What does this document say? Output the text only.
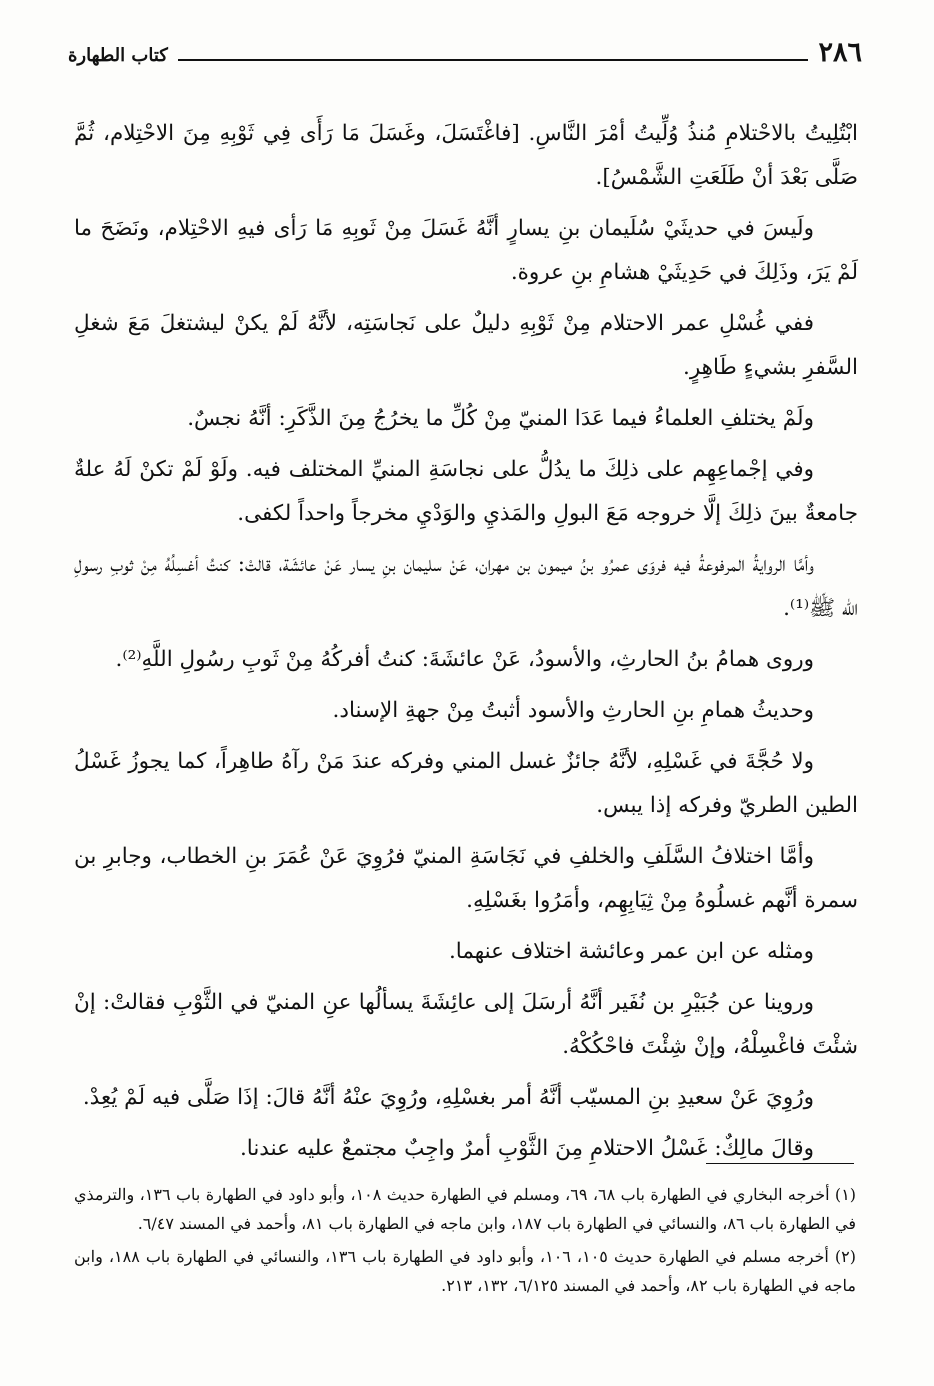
٢٨٦
كتاب الطهارة

ابْتُلِيتُ بالاحْتلامِ مُنذُ وُلِّيتُ أمْرَ النَّاسِ. [فاغْتَسَلَ، وغَسَلَ مَا رَأَى فِي ثَوْبِهِ مِنَ الاحْتِلام، ثُمَّ صَلَّى بَعْدَ أنْ طَلَعَتِ الشَّمْسُ].

ولَيسَ في حديثَيْ سُلَيمان بنِ يسارٍ أنَّهُ غَسَلَ مِنْ ثَوبِهِ مَا رَأى فيهِ الاحْتِلام، ونَضَحَ ما لَمْ يَرَ، وذَلِكَ في حَدِيثَيْ هشامِ بنِ عروة.

ففي غُسْلِ عمر الاحتلام مِنْ ثَوْبِهِ دليلٌ على نَجاسَتِه، لأنَّهُ لَمْ يكنْ ليشتغلَ مَعَ شغلِ السَّفرِ بشيءٍ طَاهِرٍ.

ولَمْ يختلفِ العلماءُ فيما عَدَا المنيّ مِنْ كُلِّ ما يخرُجُ مِنَ الذَّكَرِ: أنَّهُ نجسٌ.

وفي إجْماعِهِم على ذلِكَ ما يدُلُّ على نجاسَةِ المنيِّ المختلف فيه. ولَوْ لَمْ تكنْ لَهُ علةٌ جامعةٌ بينَ ذلِكَ إلَّا خروجه مَعَ البولِ والمَذيِ والوَدْيِ مخرجاً واحداً لكفى.

وأمَّا الروايةُ المرفوعةُ فيه فروَى عمرُو بنُ ميمون بن مهران، عَنْ سليمان بنِ يسار عَنْ عائشَة، قالتْ: كنتُ أغسِلُهُ مِنْ ثوبِ رسولِ الله ﷺ⁽¹⁾.

وروى همامُ بنُ الحارثِ، والأسودُ، عَنْ عائشَةَ: كنتُ أفركُهُ مِنْ ثَوبِ رسُولِ اللَّهِ⁽²⁾.

وحديثُ همامِ بنِ الحارثِ والأسود أثبتُ مِنْ جهةِ الإسناد.

ولا حُجَّةَ في غَسْلِهِ، لأنَّهُ جائزٌ غسل المني وفركه عندَ مَنْ رآهُ طاهِراً، كما يجوزُ غَسْلُ الطين الطريّ وفركه إذا يبس.

وأمَّا اختلافُ السَّلَفِ والخلفِ في نَجَاسَةِ المنيّ فرُوِيَ عَنْ عُمَرَ بنِ الخطاب، وجابرِ بن سمرة أنَّهم غسلُوهُ مِنْ ثِيَابِهِم، وأمَرُوا بغَسْلِهِ.

ومثله عن ابن عمر وعائشة اختلاف عنهما.

وروينا عن جُبَيْرِ بن نُفَير أنَّهُ أرسَلَ إلى عائِشَةَ يسألُها عنِ المنيّ في الثَّوْبِ فقالتْ: إنْ شئْتَ فاغْسِلْهُ، وإنْ شِئْتَ فاحْكُكْهُ.

ورُوِيَ عَنْ سعيدِ بنِ المسيّب أنَّهُ أمر بغسْلِهِ، ورُوِيَ عنْهُ أنَّهُ قالَ: إذَا صَلَّى فيه لَمْ يُعِدْ.

وقالَ مالِكٌ: غَسْلُ الاحتلامِ مِنَ الثَّوْبِ أمرٌ واجِبٌ مجتمعٌ عليه عندنا.

(١) أخرجه البخاري في الطهارة باب ٦٨، ٦٩، ومسلم في الطهارة حديث ١٠٨، وأبو داود في الطهارة باب ١٣٦، والترمذي في الطهارة باب ٨٦، والنسائي في الطهارة باب ١٨٧، وابن ماجه في الطهارة باب ٨١، وأحمد في المسند ٦/٤٧.

(٢) أخرجه مسلم في الطهارة حديث ١٠٥، ١٠٦، وأبو داود في الطهارة باب ١٣٦، والنسائي في الطهارة باب ١٨٨، وابن ماجه في الطهارة باب ٨٢، وأحمد في المسند ٦/١٢٥، ١٣٢، ٢١٣.
